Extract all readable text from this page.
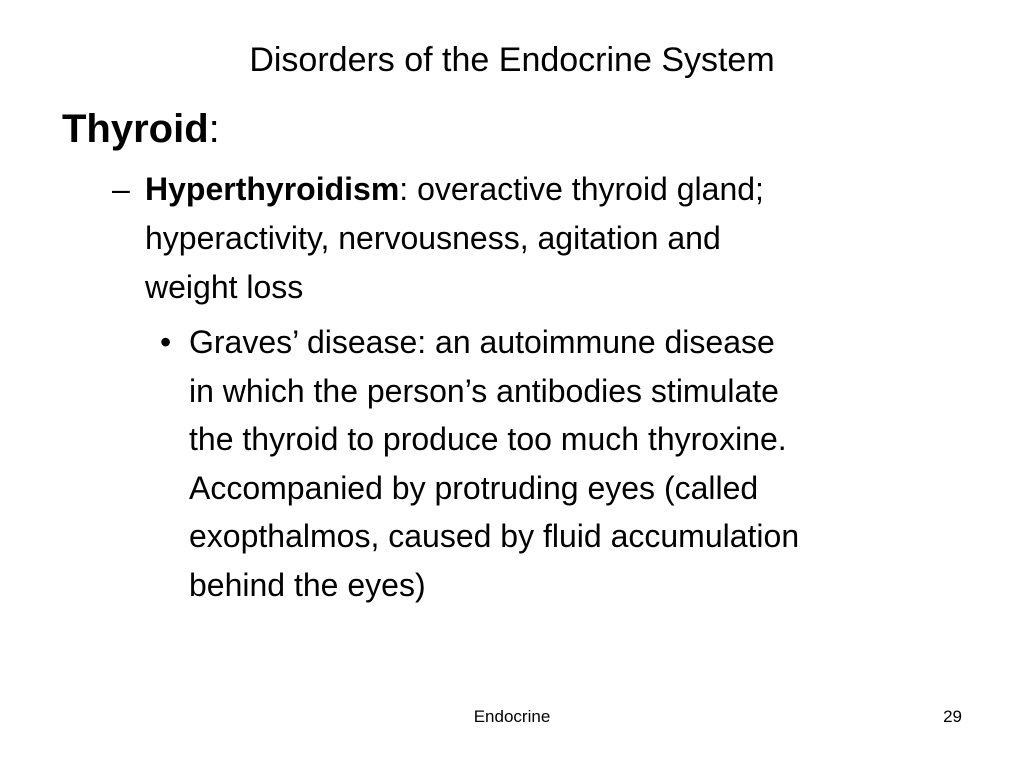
Disorders of the Endocrine System
Thyroid:
– Hyperthyroidism: overactive thyroid gland;
hyperactivity, nervousness, agitation and
weight loss
• Graves’ disease: an autoimmune disease
in which the person’s antibodies stimulate
the thyroid to produce too much thyroxine.
Accompanied by protruding eyes (called
exopthalmos, caused by fluid accumulation
behind the eyes)
Endocrine	29
